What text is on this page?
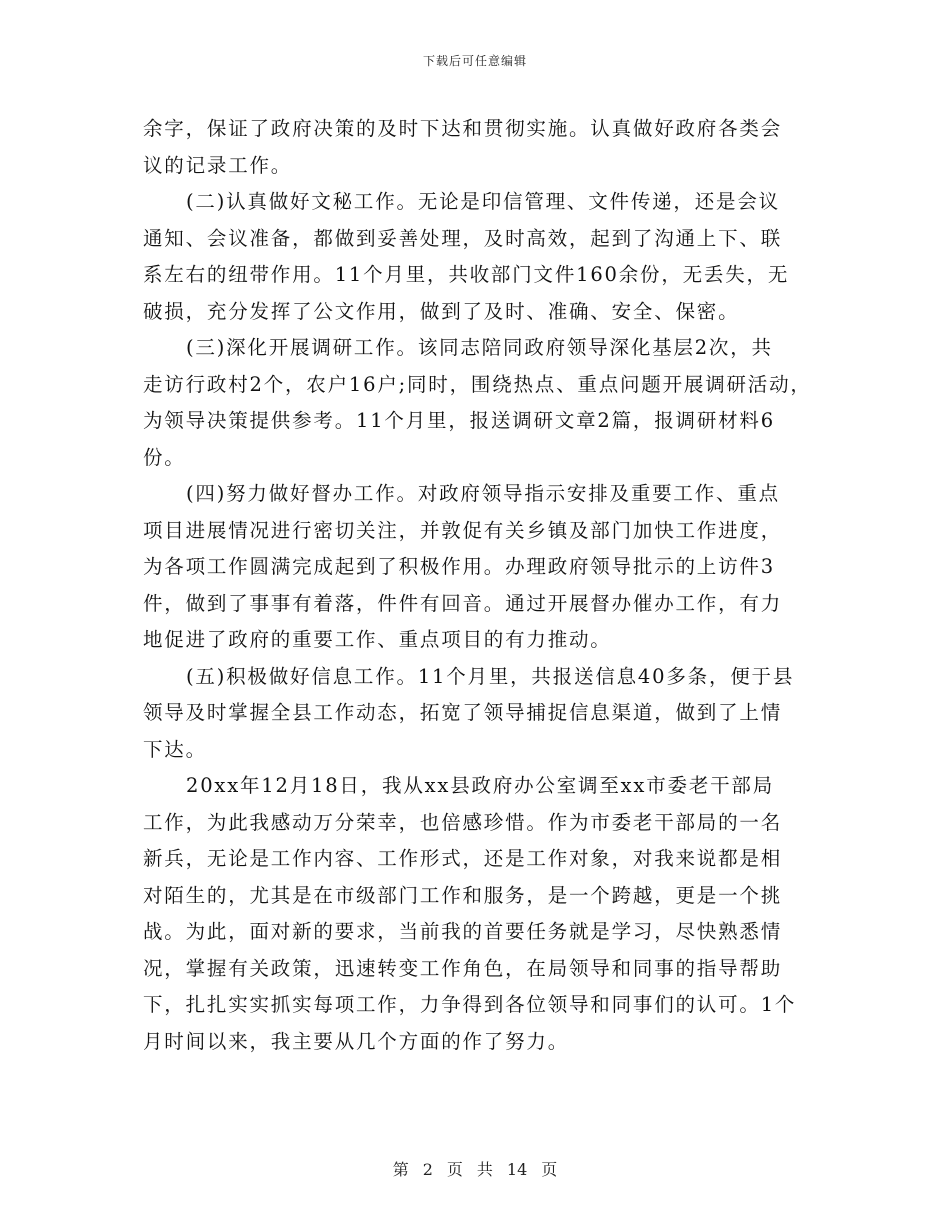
下载后可任意编辑
余字，保证了政府决策的及时下达和贯彻实施。认真做好政府各类会
议的记录工作。
(二)认真做好文秘工作。无论是印信管理、文件传递，还是会议
通知、会议准备，都做到妥善处理，及时高效，起到了沟通上下、联
系左右的纽带作用。11个月里，共收部门文件160余份，无丢失，无
破损，充分发挥了公文作用，做到了及时、准确、安全、保密。
(三)深化开展调研工作。该同志陪同政府领导深化基层2次，共
走访行政村2个，农户16户;同时，围绕热点、重点问题开展调研活动，
为领导决策提供参考。11个月里，报送调研文章2篇，报调研材料6
份。
(四)努力做好督办工作。对政府领导指示安排及重要工作、重点
项目进展情况进行密切关注，并敦促有关乡镇及部门加快工作进度，
为各项工作圆满完成起到了积极作用。办理政府领导批示的上访件3
件，做到了事事有着落，件件有回音。通过开展督办催办工作，有力
地促进了政府的重要工作、重点项目的有力推动。
(五)积极做好信息工作。11个月里，共报送信息40多条，便于县
领导及时掌握全县工作动态，拓宽了领导捕捉信息渠道，做到了上情
下达。
20xx年12月18日，我从xx县政府办公室调至xx市委老干部局
工作，为此我感动万分荣幸，也倍感珍惜。作为市委老干部局的一名
新兵，无论是工作内容、工作形式，还是工作对象，对我来说都是相
对陌生的，尤其是在市级部门工作和服务，是一个跨越，更是一个挑
战。为此，面对新的要求，当前我的首要任务就是学习，尽快熟悉情
况，掌握有关政策，迅速转变工作角色，在局领导和同事的指导帮助
下，扎扎实实抓实每项工作，力争得到各位领导和同事们的认可。1个
月时间以来，我主要从几个方面的作了努力。
第 2 页 共 14 页
